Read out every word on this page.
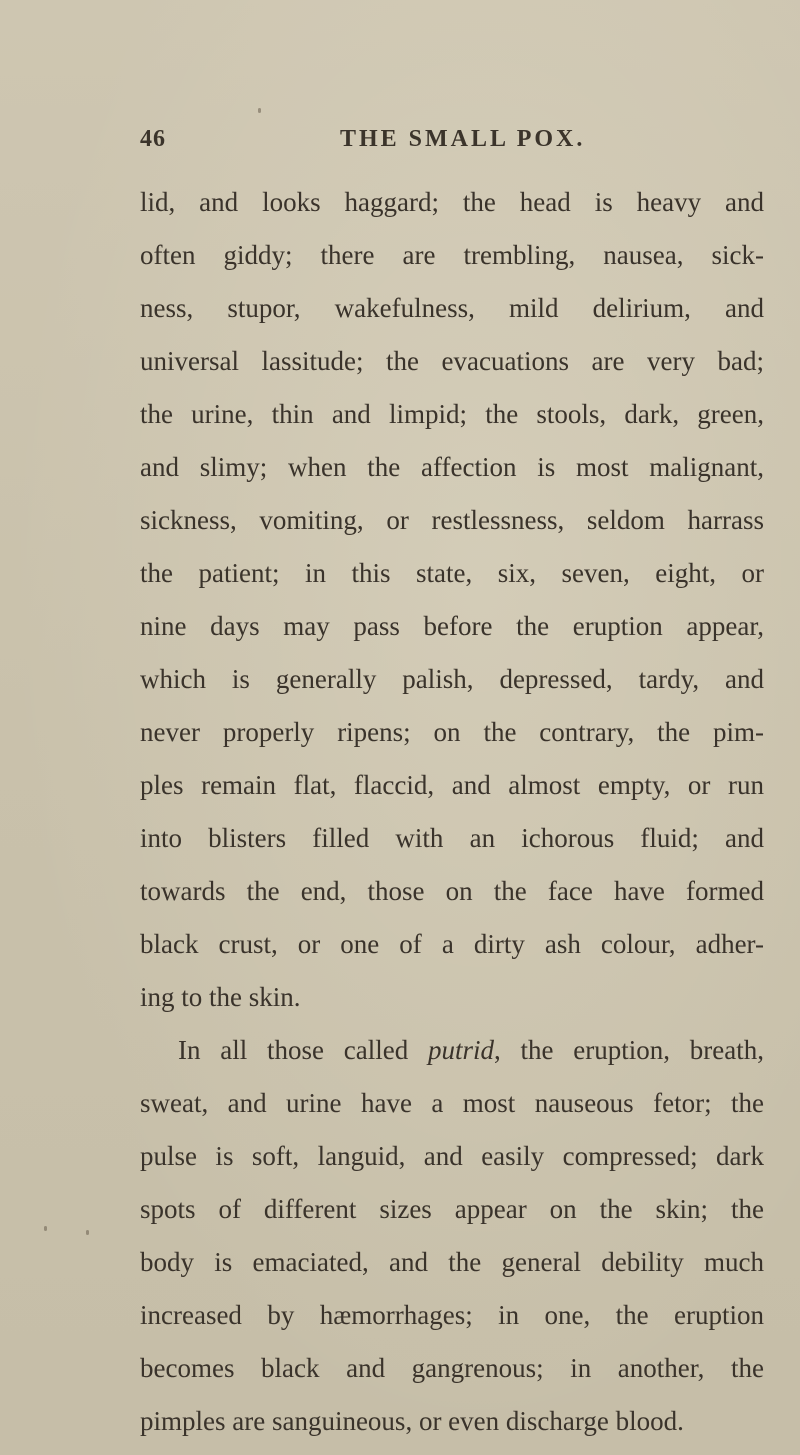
46	THE SMALL POX.
lid, and looks haggard; the head is heavy and
often giddy; there are trembling, nausea, sick-
ness, stupor, wakefulness, mild delirium, and
universal lassitude; the evacuations are very bad;
the urine, thin and limpid; the stools, dark, green,
and slimy; when the affection is most malignant,
sickness, vomiting, or restlessness, seldom harrass
the patient; in this state, six, seven, eight, or
nine days may pass before the eruption appear,
which is generally palish, depressed, tardy, and
never properly ripens; on the contrary, the pim-
ples remain flat, flaccid, and almost empty, or run
into blisters filled with an ichorous fluid; and
towards the end, those on the face have formed
black crust, or one of a dirty ash colour, adher-
ing to the skin.
In all those called putrid, the eruption, breath,
sweat, and urine have a most nauseous fetor; the
pulse is soft, languid, and easily compressed; dark
spots of different sizes appear on the skin; the
body is emaciated, and the general debility much
increased by hæmorrhages; in one, the eruption
becomes black and gangrenous; in another, the
pimples are sanguineous, or even discharge blood.
